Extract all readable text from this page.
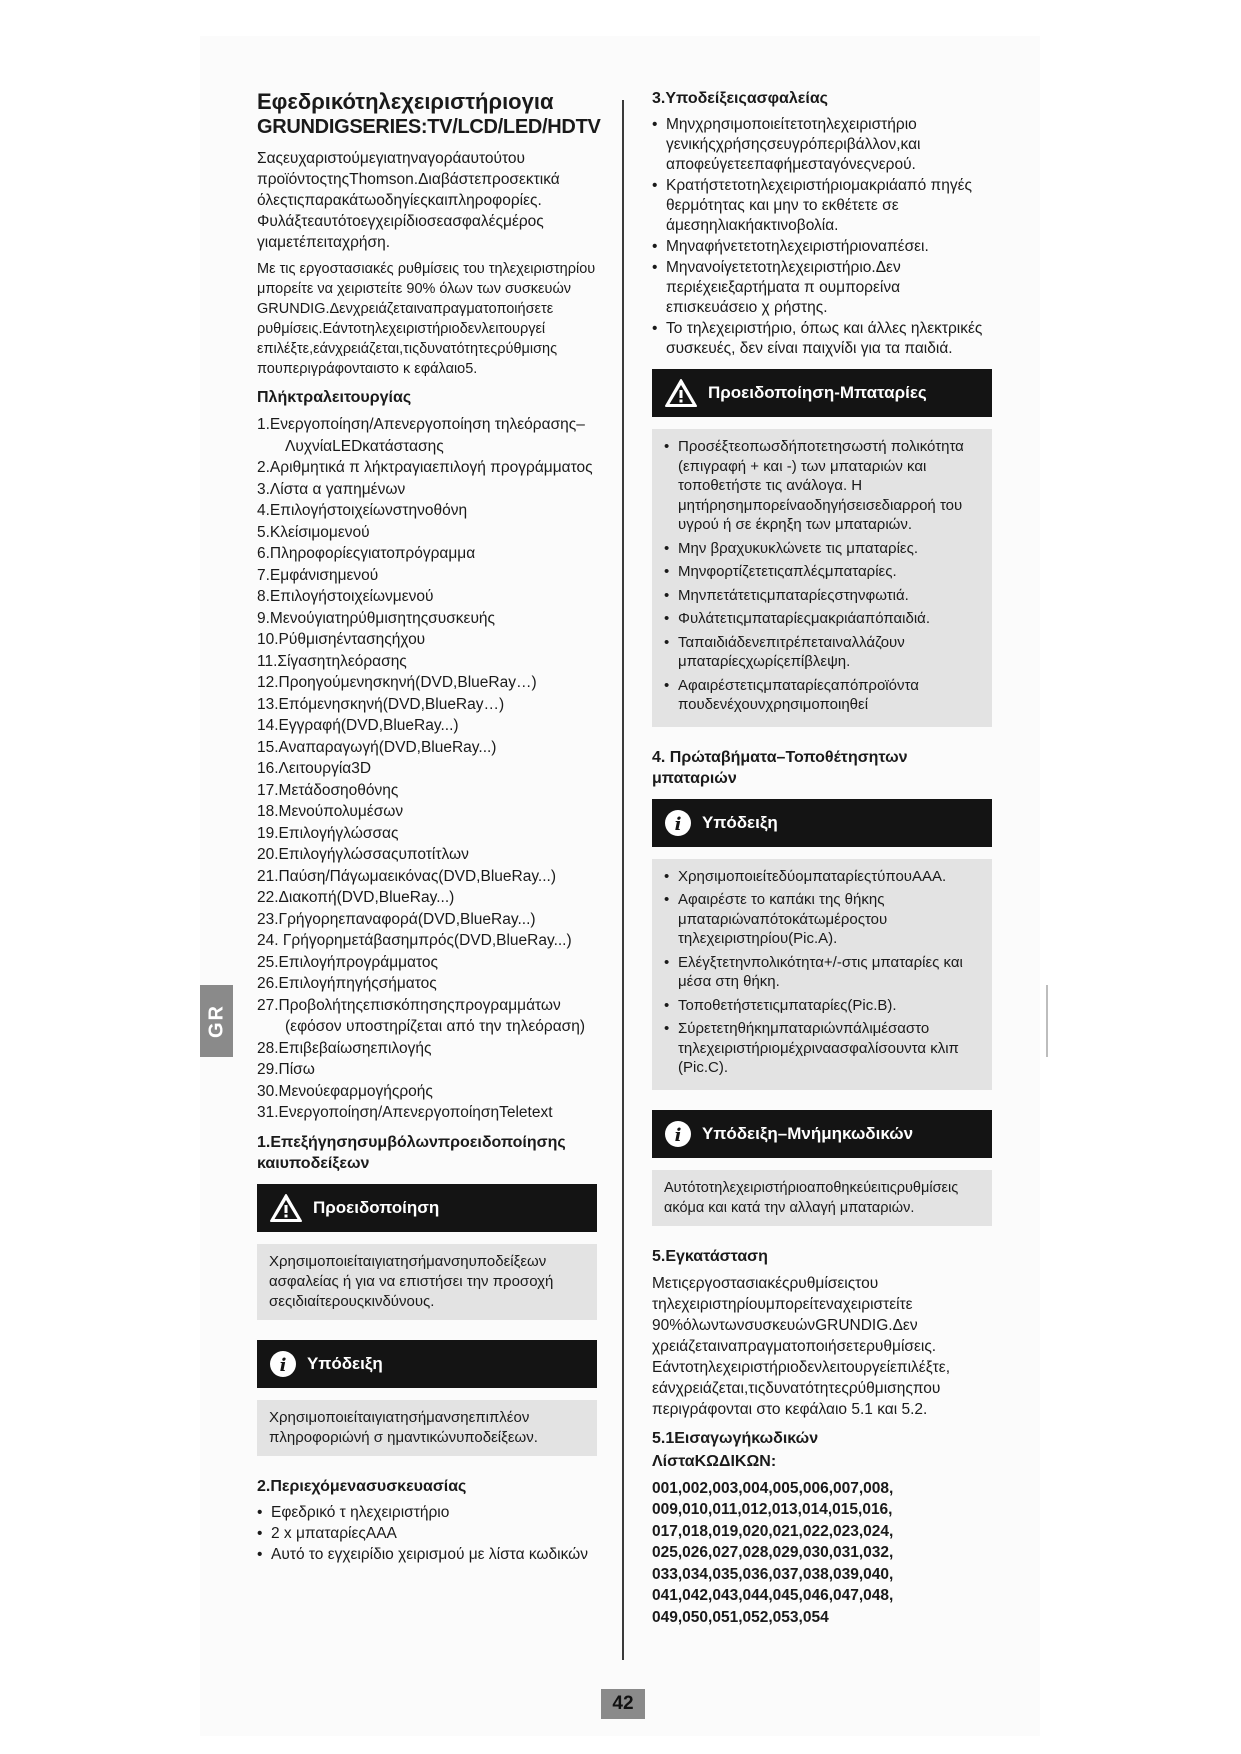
GR
Εφεδρικότηλεχειριστήριογια
GRUNDIGSERIES:TV/LCD/LED/HDTV

Σαςευχαριστούμεγιατηναγοράαυτούτου προϊόντοςτηςThomson.Διαβάστεπροσεκτικά όλεςτιςπαρακάτωοδηγίεςκαιπληροφορίες. Φυλάξτεαυτότοεγχειρίδιοσεασφαλέςμέρος γιαμετέπειταχρήση.

Με τις εργοστασιακές ρυθμίσεις του τηλεχειριστηρίου μπορείτε να χειριστείτε 90% όλων των συσκευών GRUNDIG.Δενχρειάζεταιναπραγματοποιήσετε ρυθμίσεις.Εάντοτηλεχειριστήριοδενλειτουργεί επιλέξτε,εάνχρειάζεται,τιςδυνατότητεςρύθμισης πουπεριγράφονταιστο κ εφάλαιο5.

Πλήκτραλειτουργίας
1.Ενεργοποίηση/Απενεργοποίηση τηλεόρασης–ΛυχνίαLEDκατάστασης
2.Αριθμητικά π λήκτραγιαεπιλογή προγράμματος
3.Λίστα α γαπημένων
4.Επιλογήστοιχείωνστηνοθόνη
5.Κλείσιμομενού
6.Πληροφορίεςγιατοπρόγραμμα
7.Εμφάνισημενού
8.Επιλογήστοιχείωνμενού
9.Μενούγιατηρύθμισητηςσυσκευής
10.Ρύθμισηέντασηςήχου
11.Σίγασητηλεόρασης
12.Προηγούμενησκηνή(DVD,BlueRay…)
13.Επόμενησκηνή(DVD,BlueRay…)
14.Εγγραφή(DVD,BlueRay...)
15.Αναπαραγωγή(DVD,BlueRay...)
16.Λειτουργία3D
17.Μετάδοσηοθόνης
18.Μενούπολυμέσων
19.Επιλογήγλώσσας
20.Επιλογήγλώσσαςυποτίτλων
21.Παύση/Πάγωμαεικόνας(DVD,BlueRay...)
22.Διακοπή(DVD,BlueRay...)
23.Γρήγορηεπαναφορά(DVD,BlueRay...)
24. Γρήγορημετάβασημπρός(DVD,BlueRay...)
25.Επιλογήπρογράμματος
26.Επιλογήπηγήςσήματος
27.Προβολήτηςεπισκόπησηςπρογραμμάτων (εφόσον υποστηρίζεται από την τηλεόραση)
28.Επιβεβαίωσηεπιλογής
29.Πίσω
30.Μενούεφαρμογήςροής
31.Ενεργοποίηση/ΑπενεργοποίησηTeletext
1.Επεξήγησησυμβόλωνπροειδοποίησης καιυποδείξεων
Προειδοποίηση
Χρησιμοποιείταιγιατησήμανσηυποδείξεων ασφαλείας ή για να επιστήσει την προσοχή σεςιδιαίτερουςκινδύνους.
i Υπόδειξη
Χρησιμοποιείταιγιατησήμανσηεπιπλέον πληροφοριώνή σ ημαντικώνυποδείξεων.
2.Περιεχόμενασυσκευασίας
• Εφεδρικό τ ηλεχειριστήριο
• 2 x μπαταρίεςAAA
• Αυτό το εγχειρίδιο χειρισμού με λίστα κωδικών
3.Υποδείξειςασφαλείας
• Μηνχρησιμοποιείτετοτηλεχειριστήριο γενικήςχρήσηςσευγρόπεριβάλλον,και αποφεύγετεεπαφήμεσταγόνεςνερού.
• Κρατήστετοτηλεχειριστήριομακριάαπό πηγές θερμότητας και μην το εκθέτετε σε άμεσηηλιακήακτινοβολία.
• Μηναφήνετετοτηλεχειριστήριοναπέσει.
• Μηνανοίγετετοτηλεχειριστήριο.Δεν περιέχειεξαρτήματα π ουμπορείνα επισκευάσειο χ ρήστης.
• Το τηλεχειριστήριο, όπως και άλλες ηλεκτρικές συσκευές, δεν είναι παιχνίδι για τα παιδιά.
Προειδοποίηση-Μπαταρίες
• Προσέξτεοπωσδήποτετησωστή πολικότητα (επιγραφή + και -) των μπαταριών και τοποθετήστε τις ανάλογα. Η μητήρησημπορείναοδηγήσεισεδιαρροή του υγρού ή σε έκρηξη των μπαταριών.
• Μην βραχυκυκλώνετε τις μπαταρίες.
• Μηνφορτίζετετιςαπλέςμπαταρίες.
• Μηνπετάτετιςμπαταρίεςστηνφωτιά.
• Φυλάτετιςμπαταρίεςμακριάαπόπαιδιά.
• Ταπαιδιάδενεπιτρέπεταιναλλάζουν μπαταρίεςχωρίςεπίβλεψη.
• Αφαιρέστετιςμπαταρίεςαπόπροϊόντα πουδενέχουνχρησιμοποιηθεί
4. Πρώταβήματα–Τοποθέτησητων μπαταριών
i Υπόδειξη
• ΧρησιμοποιείτεδύομπαταρίεςτύπουAAA.
• Αφαιρέστε το καπάκι της θήκης μπαταριώναπότοκάτωμέροςτου τηλεχειριστηρίου(Pic.A).
• Ελέγξτετηνπολικότητα+/-στις μπαταρίες και μέσα στη θήκη.
• Τοποθετήστετιςμπαταρίες(Pic.B).
• Σύρετετηθήκημπαταριώνπάλιμέσαστο τηλεχειριστήριομέχριναασφαλίσουντα κλιπ (Pic.C).
i Υπόδειξη–Μνήμηκωδικών
Αυτότοτηλεχειριστήριοαποθηκεύειτιςρυθμίσεις ακόμα και κατά την αλλαγή μπαταριών.
5.Εγκατάσταση

Μετιςεργοστασιακέςρυθμίσειςτου τηλεχειριστηρίουμπορείτεναχειριστείτε 90%όλωντωνσυσκευώνGRUNDIG.Δεν χρειάζεταιναπραγματοποιήσετερυθμίσεις. Εάντοτηλεχειριστήριοδενλειτουργείεπιλέξτε, εάνχρειάζεται,τιςδυνατότητεςρύθμισηςπου περιγράφονται στο κεφάλαιο 5.1 και 5.2.

5.1Εισαγωγήκωδικών
ΛίσταΚΩΔΙΚΩΝ:
001,002,003,004,005,006,007,008,
009,010,011,012,013,014,015,016,
017,018,019,020,021,022,023,024,
025,026,027,028,029,030,031,032,
033,034,035,036,037,038,039,040,
041,042,043,044,045,046,047,048,
049,050,051,052,053,054
42
